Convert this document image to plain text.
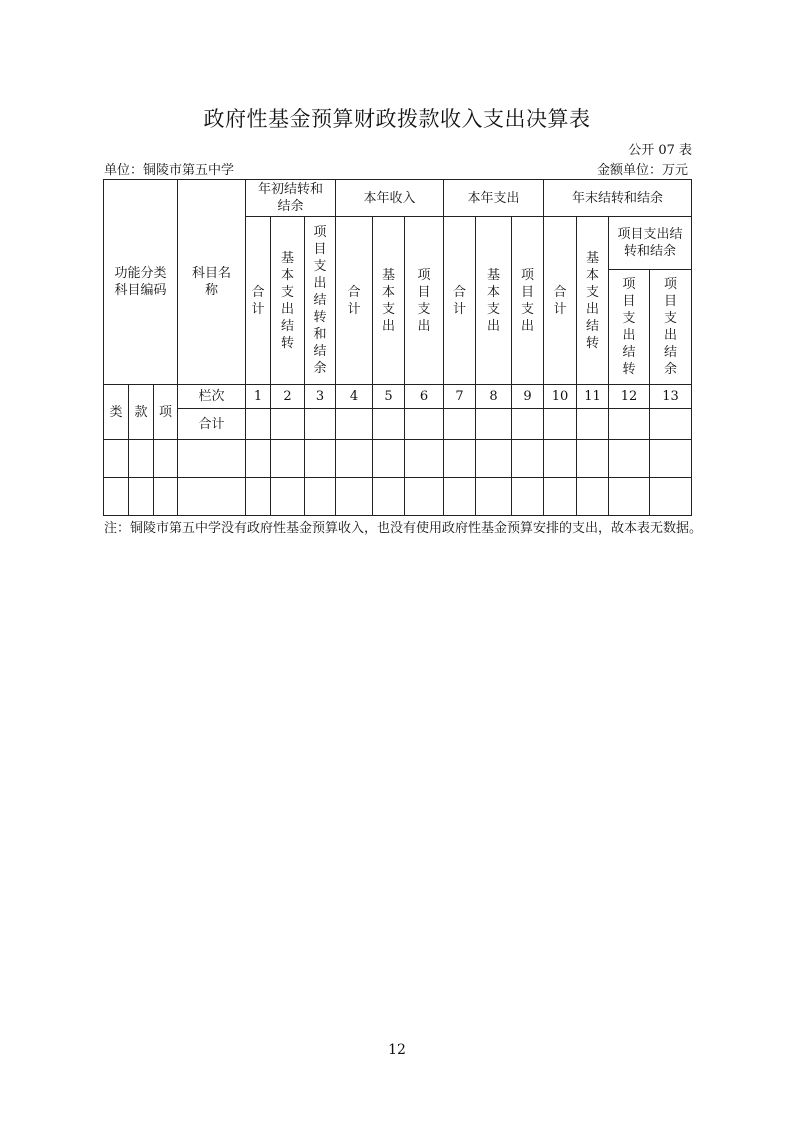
政府性基金预算财政拨款收入支出决算表
公开 07 表
单位：铜陵市第五中学	金额单位：万元
功能分类科目编码			科目名称	年初结转和结余			本年收入			本年支出			年末结转和结余			
				合计	基本支出结转	项目支出结转和结余	合计	基本支出	项目支出	合计	基本支出	项目支出	合计	基本支出结转	项目支出结转和结余	
															项目支出结转	项目支出结余
类	款	项	栏次	1	2	3	4	5	6	7	8	9	10	11	12	13
			合计													

注：铜陵市第五中学没有政府性基金预算收入，也没有使用政府性基金预算安排的支出，故本表无数据。
12
